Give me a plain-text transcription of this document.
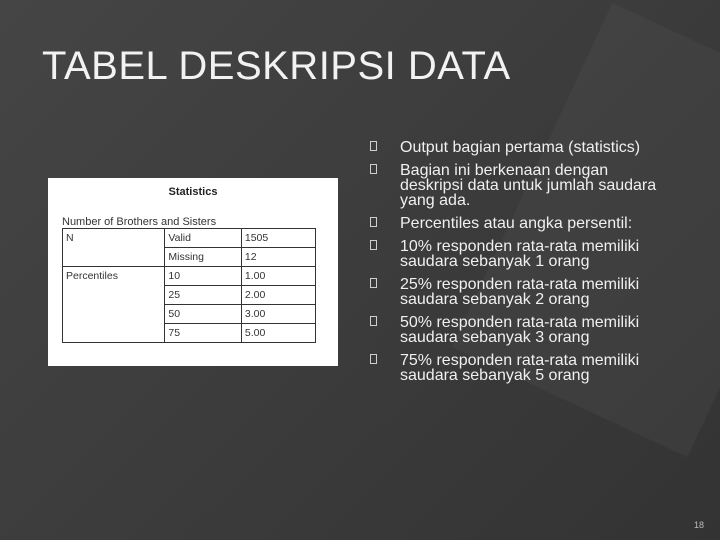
TABEL DESKRIPSI DATA
Statistics
Number of Brothers and Sisters
N	Valid	1505
	Missing	12
Percentiles	10	1.00
	25	2.00
	50	3.00
	75	5.00
Output bagian pertama (statistics)
Bagian ini berkenaan dengan deskripsi data untuk jumlah saudara yang ada.
Percentiles atau angka persentil:
10% responden rata-rata memiliki saudara sebanyak 1 orang
25% responden rata-rata memiliki saudara sebanyak 2 orang
50% responden rata-rata memiliki saudara sebanyak 3 orang
75% responden rata-rata memiliki saudara sebanyak 5 orang
18
